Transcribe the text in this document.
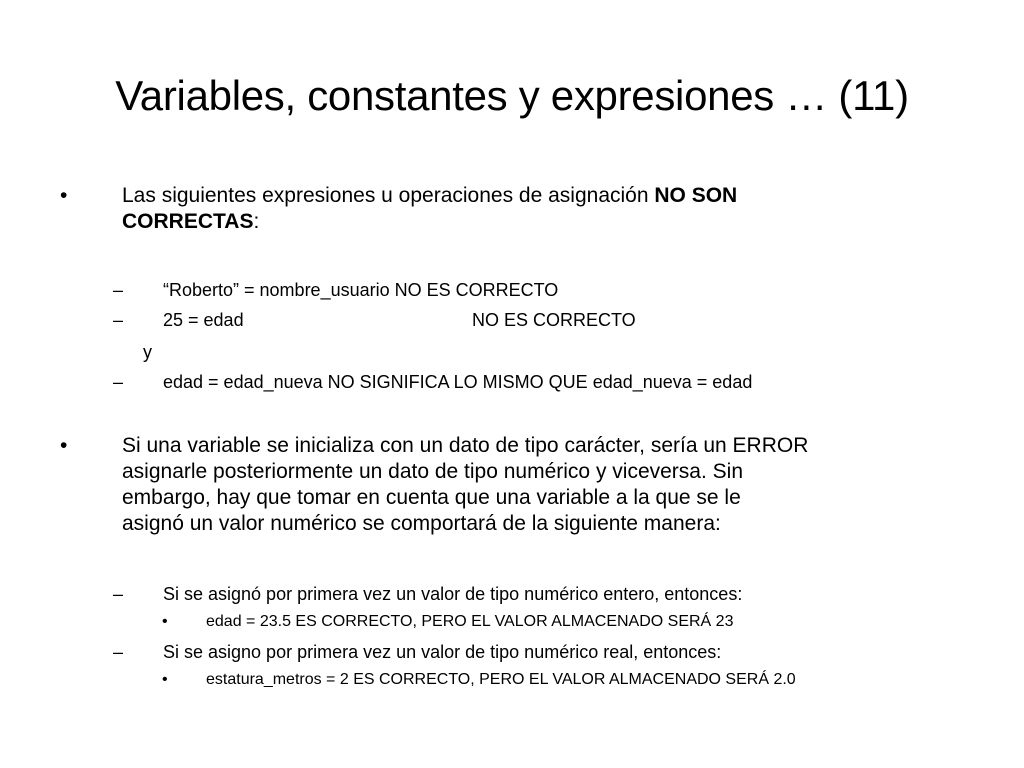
Variables, constantes y expresiones … (11)
•	Las siguientes expresiones u operaciones de asignación NO SON
CORRECTAS:
– “Roberto” = nombre_usuario NO ES CORRECTO
– 25 = edad	NO ES CORRECTO
y
– edad = edad_nueva NO SIGNIFICA LO MISMO QUE edad_nueva = edad
•	Si una variable se inicializa con un dato de tipo carácter, sería un ERROR
asignarle posteriormente un dato de tipo numérico y viceversa. Sin
embargo, hay que tomar en cuenta que una variable a la que se le
asignó un valor numérico se comportará de la siguiente manera:
– Si se asignó por primera vez un valor de tipo numérico entero, entonces:
• edad = 23.5 ES CORRECTO, PERO EL VALOR ALMACENADO SERÁ 23
– Si se asigno por primera vez un valor de tipo numérico real, entonces:
• estatura_metros = 2 ES CORRECTO, PERO EL VALOR ALMACENADO SERÁ 2.0
